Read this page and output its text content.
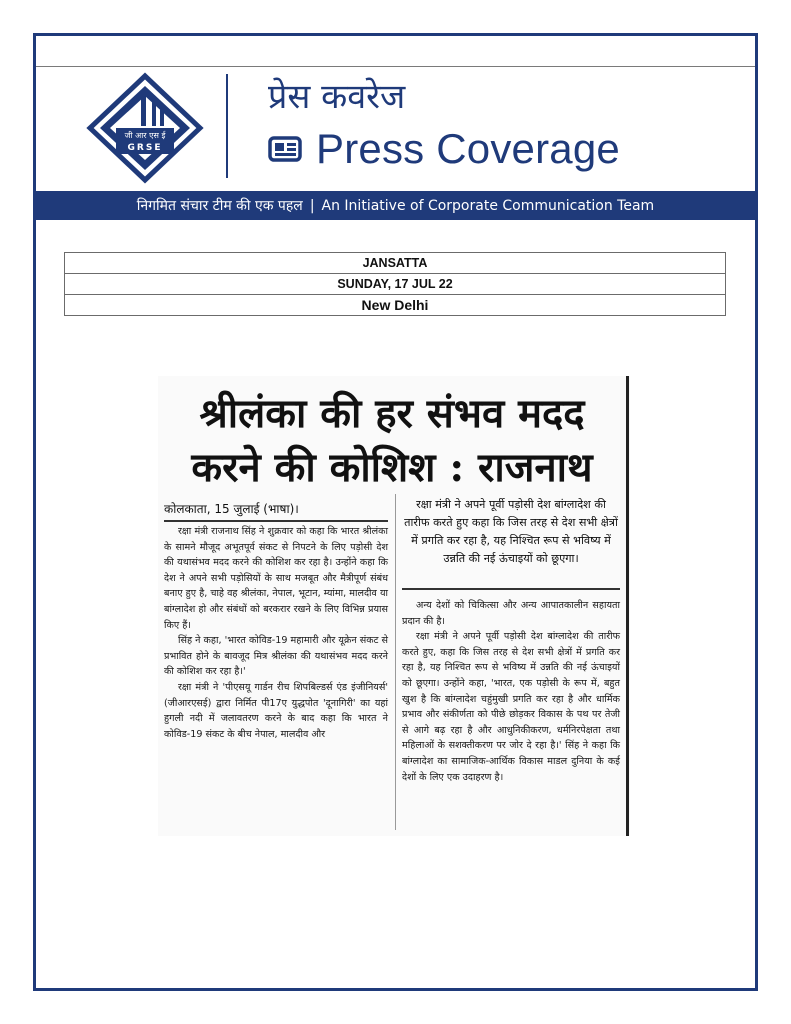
जी आर एस ई
GRSE
प्रेस कवरेज
Press Coverage
निगमित संचार टीम की एक पहल | An Initiative of Corporate Communication Team
JANSATTA
SUNDAY, 17 JUL 22
New Delhi
श्रीलंका की हर संभव मदद
करने की कोशिश : राजनाथ
कोलकाता, 15 जुलाई (भाषा)।

रक्षा मंत्री राजनाथ सिंह ने शुक्रवार को कहा कि भारत श्रीलंका के सामने मौजूद अभूतपूर्व संकट से निपटने के लिए पड़ोसी देश की यथासंभव मदद करने की कोशिश कर रहा है। उन्होंने कहा कि देश ने अपने सभी पड़ोसियों के साथ मजबूत और मैत्रीपूर्ण संबंध बनाए हुए है, चाहे वह श्रीलंका, नेपाल, भूटान, म्यांमा, मालदीव या बांग्लादेश हो और संबंधों को बरकरार रखने के लिए विभिन्न प्रयास किए हैं।

सिंह ने कहा, 'भारत कोविड-19 महामारी और यूक्रेन संकट से प्रभावित होने के बावजूद मित्र श्रीलंका की यथासंभव मदद करने की कोशिश कर रहा है।'

रक्षा मंत्री ने 'पीएसयू गार्डन रीच शिपबिल्डर्स एंड इंजीनियर्स' (जीआरएसई) द्वारा निर्मित पी17ए युद्धपोत 'दूनागिरी' का यहां हुगली नदी में जलावतरण करने के बाद कहा कि भारत ने कोविड-19 संकट के बीच नेपाल, मालदीव और

रक्षा मंत्री ने अपने पूर्वी पड़ोसी देश बांग्लादेश की तारीफ करते हुए कहा कि जिस तरह से देश सभी क्षेत्रों में प्रगति कर रहा है, यह निश्चित रूप से भविष्य में उन्नति की नई ऊंचाइयों को छूएगा।

अन्य देशों को चिकित्सा और अन्य आपातकालीन सहायता प्रदान की है।

रक्षा मंत्री ने अपने पूर्वी पड़ोसी देश बांग्लादेश की तारीफ करते हुए, कहा कि जिस तरह से देश सभी क्षेत्रों में प्रगति कर रहा है, यह निश्चित रूप से भविष्य में उन्नति की नई ऊंचाइयों को छूएगा। उन्होंने कहा, 'भारत, एक पड़ोसी के रूप में, बहुत खुश है कि बांग्लादेश चहुंमुखी प्रगति कर रहा है और धार्मिक प्रभाव और संकीर्णता को पीछे छोड़कर विकास के पथ पर तेजी से आगे बढ़ रहा है और आधुनिकीकरण, धर्मनिरपेक्षता तथा महिलाओं के सशक्तीकरण पर जोर दे रहा है।' सिंह ने कहा कि बांग्लादेश का सामाजिक-आर्थिक विकास माडल दुनिया के कई देशों के लिए एक उदाहरण है।
